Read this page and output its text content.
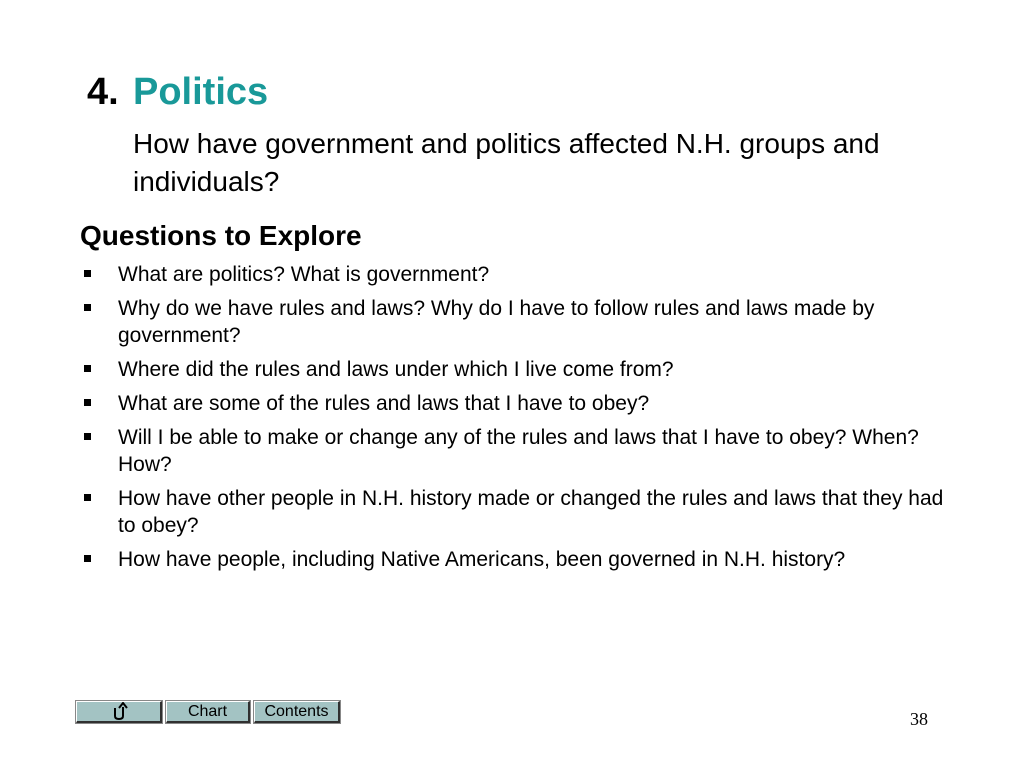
4. Politics
How have government and politics affected N.H. groups and individuals?
Questions to Explore
What are politics? What is government?
Why do we have rules and laws? Why do I have to follow rules and laws made by government?
Where did the rules and laws under which I live come from?
What are some of the rules and laws that I have to obey?
Will I be able to make or change any of the rules and laws that I have to obey? When? How?
How have other people in N.H. history made or changed the rules and laws that they had to obey?
How have people, including Native Americans, been governed in N.H. history?
Chart	Contents	38
